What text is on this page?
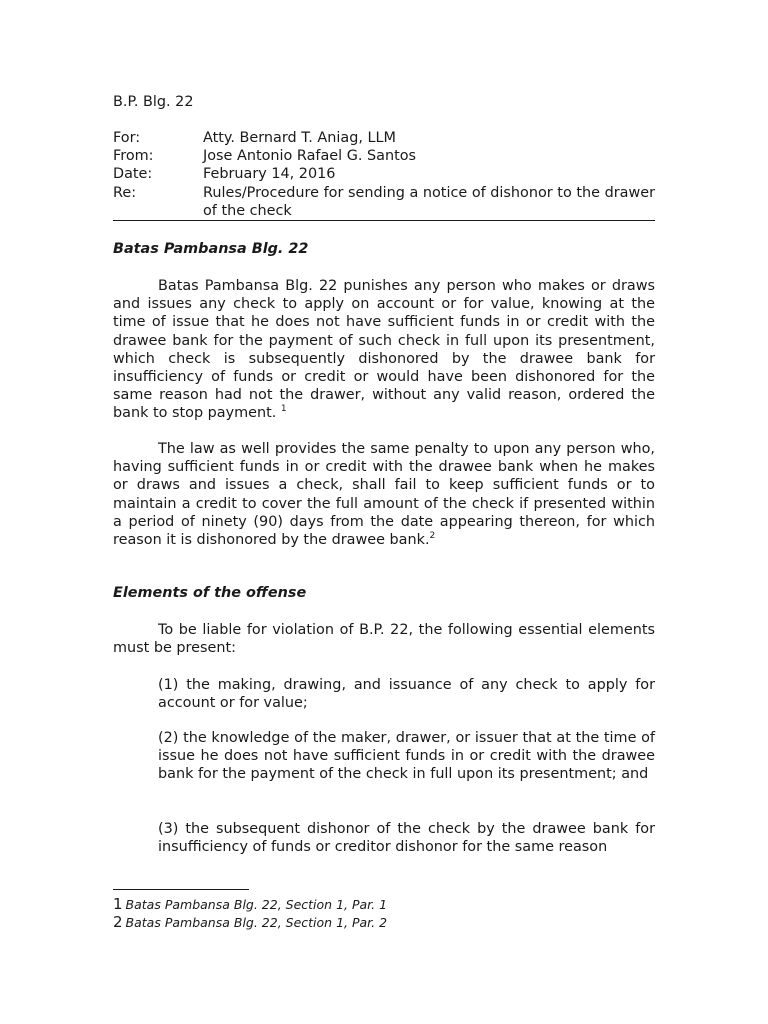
B.P. Blg. 22
For:	Atty. Bernard T. Aniag, LLM
From:	Jose Antonio Rafael G. Santos
Date:	February 14, 2016
Re:	Rules/Procedure for sending a notice of dishonor to the drawer of the check
Batas Pambansa Blg. 22

Batas Pambansa Blg. 22 punishes any person who makes or draws and issues any check to apply on account or for value, knowing at the time of issue that he does not have sufficient funds in or credit with the drawee bank for the payment of such check in full upon its presentment, which check is subsequently dishonored by the drawee bank for insufficiency of funds or credit or would have been dishonored for the same reason had not the drawer, without any valid reason, ordered the bank to stop payment. $^1$

The law as well provides the same penalty to upon any person who, having sufficient funds in or credit with the drawee bank when he makes or draws and issues a check, shall fail to keep sufficient funds or to maintain a credit to cover the full amount of the check if presented within a period of ninety (90) days from the date appearing thereon, for which reason it is dishonored by the drawee bank.$^2$

Elements of the offense

To be liable for violation of B.P. 22, the following essential elements must be present:

(1) the making, drawing, and issuance of any check to apply for account or for value;

(2) the knowledge of the maker, drawer, or issuer that at the time of issue he does not have sufficient funds in or credit with the drawee bank for the payment of the check in full upon its presentment; and

(3) the subsequent dishonor of the check by the drawee bank for insufficiency of funds or creditor dishonor for the same reason

1 Batas Pambansa Blg. 22, Section 1, Par. 1
2 Batas Pambansa Blg. 22, Section 1, Par. 2
